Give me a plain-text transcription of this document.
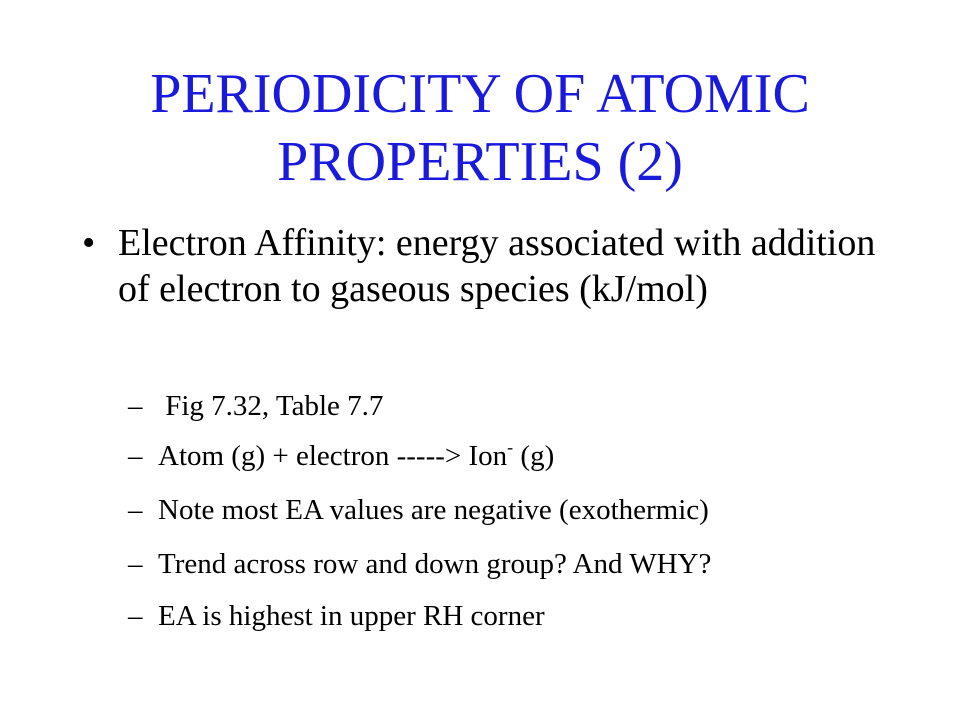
PERIODICITY OF ATOMIC
PROPERTIES (2)
• Electron Affinity: energy associated with addition of electron to gaseous species (kJ/mol)
– Fig 7.32, Table 7.7
– Atom (g) + electron -----> Ion- (g)
– Note most EA values are negative (exothermic)
– Trend across row and down group? And WHY?
– EA is highest in upper RH corner
